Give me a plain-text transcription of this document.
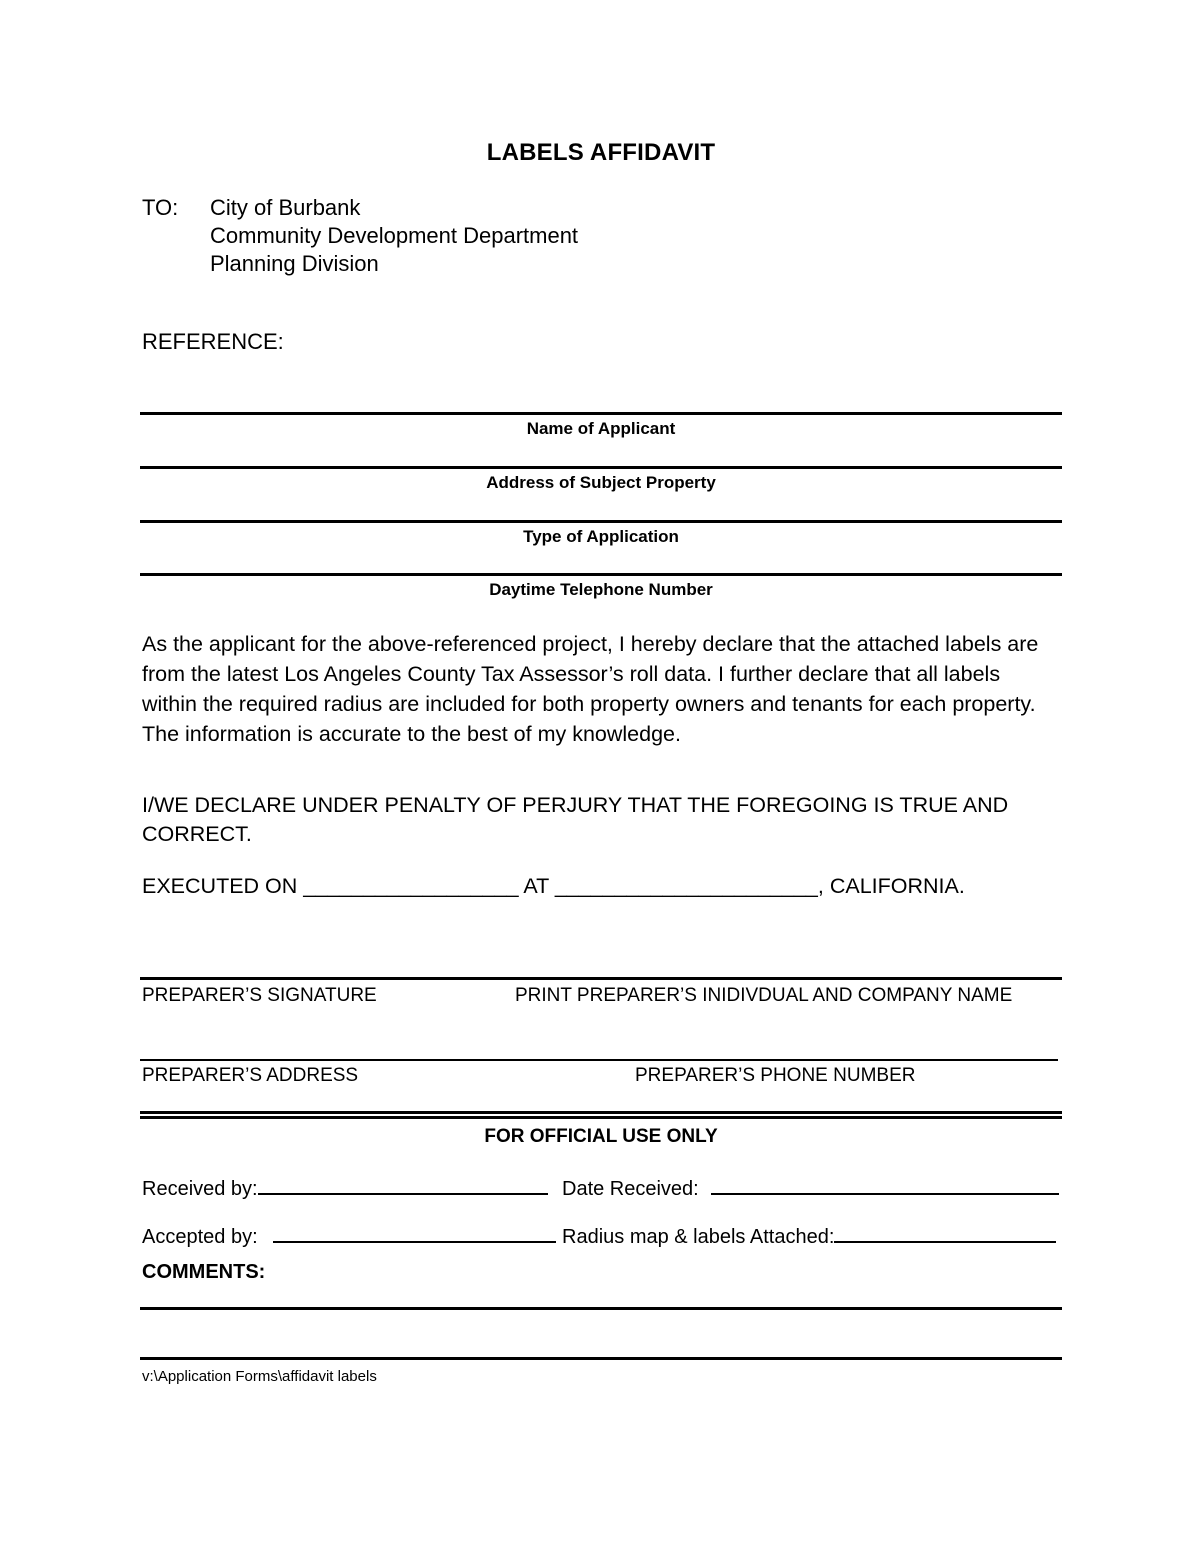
LABELS AFFIDAVIT
TO:	City of Burbank
Community Development Department
Planning Division
REFERENCE:
Name of Applicant
Address of Subject Property
Type of Application
Daytime Telephone Number
As the applicant for the above-referenced project, I hereby declare that the attached labels are from the latest Los Angeles County Tax Assessor’s roll data. I further declare that all labels within the required radius are included for both property owners and tenants for each property. The information is accurate to the best of my knowledge.
I/WE DECLARE UNDER PENALTY OF PERJURY THAT THE FOREGOING IS TRUE AND CORRECT.
EXECUTED ON __________________ AT ______________________, CALIFORNIA.
PREPARER’S SIGNATURE	PRINT PREPARER’S INIDIVDUAL AND COMPANY NAME
PREPARER’S ADDRESS	PREPARER’S PHONE NUMBER
FOR OFFICIAL USE ONLY
Received by:	Date Received:
Accepted by:	Radius map & labels Attached:
COMMENTS:
v:\Application Forms\affidavit labels
